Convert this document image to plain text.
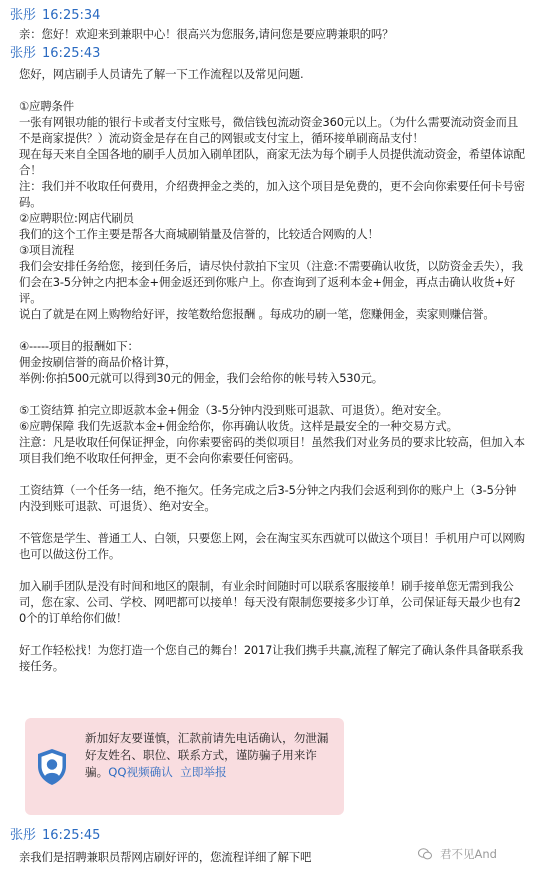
张彤 16:25:34
亲：您好！欢迎来到兼职中心！很高兴为您服务,请问您是要应聘兼职的吗？
张彤 16:25:43
您好，网店刷手人员请先了解一下工作流程以及常见问题.

①应聘条件
一张有网银功能的银行卡或者支付宝账号，微信钱包流动资金360元以上。（为什么需要流动资金而且不是商家提供？）流动资金是存在自己的网银或支付宝上，循环接单刷商品支付！
现在每天来自全国各地的刷手人员加入刷单团队，商家无法为每个刷手人员提供流动资金，希望体谅配合！
注：我们并不收取任何费用，介绍费押金之类的，加入这个项目是免费的，更不会向你索要任何卡号密码。
②应聘职位:网店代刷员
我们的这个工作主要是帮各大商城刷销量及信誉的，比较适合网购的人！
③项目流程
我们会安排任务给您，接到任务后，请尽快付款拍下宝贝（注意:不需要确认收货，以防资金丢失），我们会在3-5分钟之内把本金+佣金返还到你账户上。你查询到了返利本金+佣金，再点击确认收货+好评。
说白了就是在网上购物给好评，按笔数给您报酬 。每成功的刷一笔，您赚佣金，卖家则赚信誉。

④-----项目的报酬如下：
佣金按刷信誉的商品价格计算，
举例:你拍500元就可以得到30元的佣金，我们会给你的帐号转入530元。

⑤工资结算 拍完立即返款本金+佣金（3-5分钟内没到账可退款、可退货）。绝对安全。
⑥应聘保障 我们先返款本金+佣金给你，你再确认收货。这样是最安全的一种交易方式。
注意：凡是收取任何保证押金，向你索要密码的类似项目！虽然我们对业务员的要求比较高，但加入本项目我们绝不收取任何押金，更不会向你索要任何密码。

工资结算（一个任务一结，绝不拖欠。任务完成之后3-5分钟之内我们会返利到你的账户上（3-5分钟内没到账可退款、可退货）、绝对安全。

不管您是学生、普通工人、白领，只要您上网，会在淘宝买东西就可以做这个项目！手机用户可以网购也可以做这份工作。

加入刷手团队是没有时间和地区的限制，有业余时间随时可以联系客服接单！刷手接单您无需到我公司，您在家、公司、学校、网吧都可以接单！每天没有限制您要接多少订单，公司保证每天最少也有20个的订单给你们做！

好工作轻松找！为您打造一个您自己的舞台！2017让我们携手共赢,流程了解完了确认条件具备联系我接任务。
新加好友要谨慎，汇款前请先电话确认，勿泄漏好友姓名、职位、联系方式，谨防骗子用来诈骗。QQ视频确认 立即举报
张彤 16:25:45
亲我们是招聘兼职员帮网店刷好评的，您流程详细了解下吧	君不见And
